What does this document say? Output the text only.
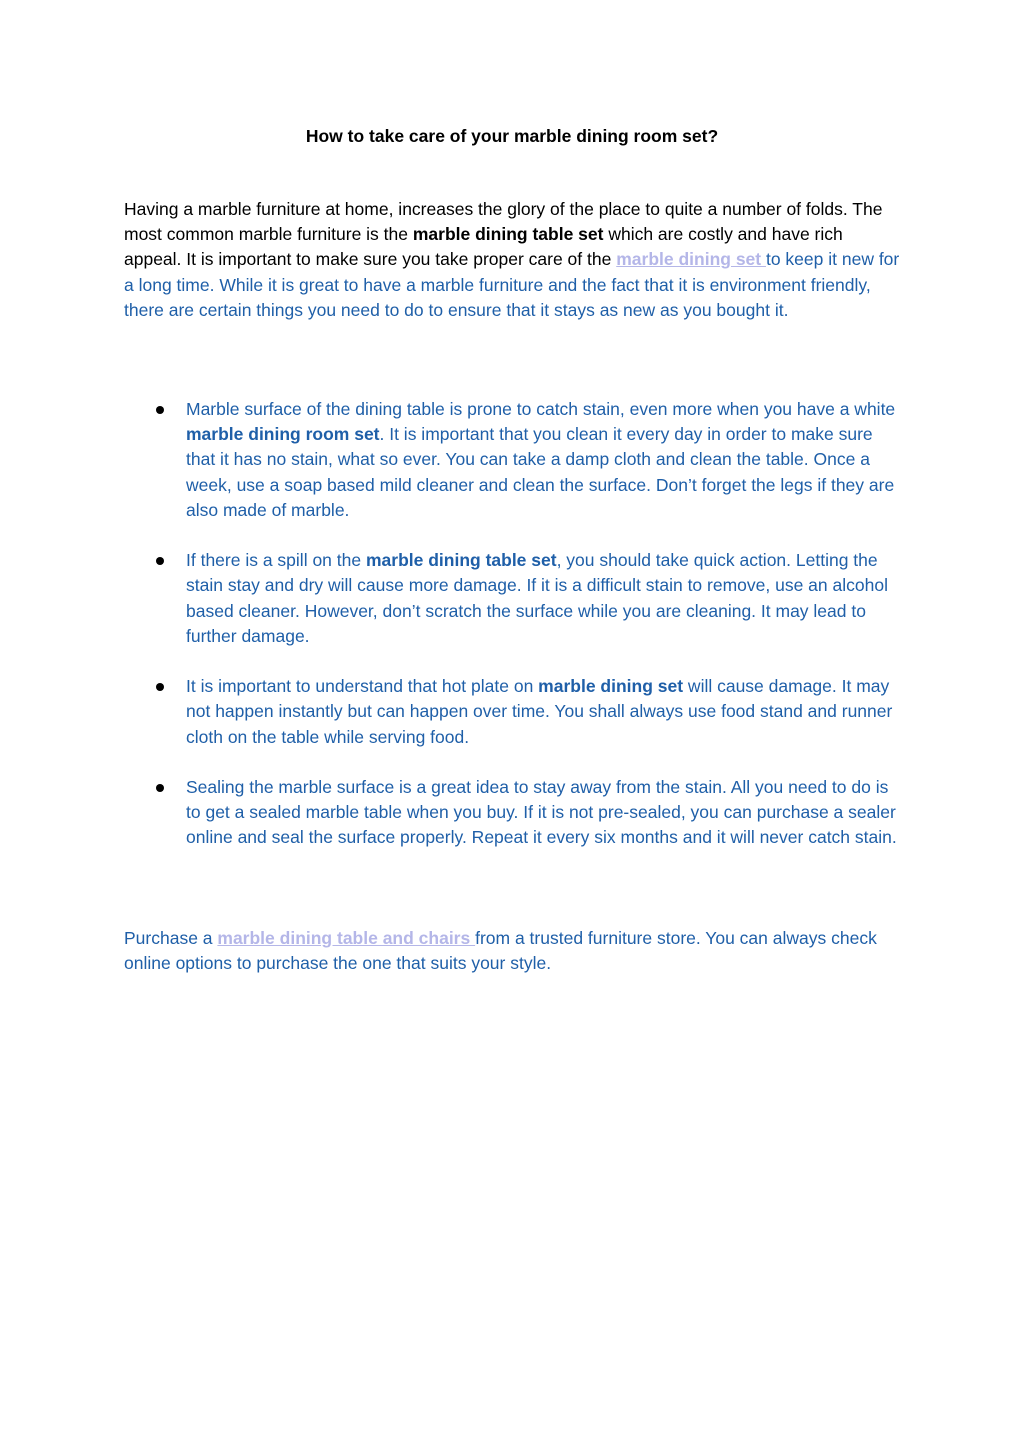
How to take care of your marble dining room set?
Having a marble furniture at home, increases the glory of the place to quite a number of folds. The most common marble furniture is the marble dining table set which are costly and have rich appeal. It is important to make sure you take proper care of the marble dining set to keep it new for a long time. While it is great to have a marble furniture and the fact that it is environment friendly, there are certain things you need to do to ensure that it stays as new as you bought it.
Marble surface of the dining table is prone to catch stain, even more when you have a white marble dining room set. It is important that you clean it every day in order to make sure that it has no stain, what so ever. You can take a damp cloth and clean the table. Once a week, use a soap based mild cleaner and clean the surface. Don’t forget the legs if they are also made of marble.
If there is a spill on the marble dining table set, you should take quick action. Letting the stain stay and dry will cause more damage. If it is a difficult stain to remove, use an alcohol based cleaner. However, don’t scratch the surface while you are cleaning. It may lead to further damage.
It is important to understand that hot plate on marble dining set will cause damage. It may not happen instantly but can happen over time. You shall always use food stand and runner cloth on the table while serving food.
Sealing the marble surface is a great idea to stay away from the stain. All you need to do is to get a sealed marble table when you buy. If it is not pre-sealed, you can purchase a sealer online and seal the surface properly. Repeat it every six months and it will never catch stain.
Purchase a marble dining table and chairs from a trusted furniture store. You can always check online options to purchase the one that suits your style.
